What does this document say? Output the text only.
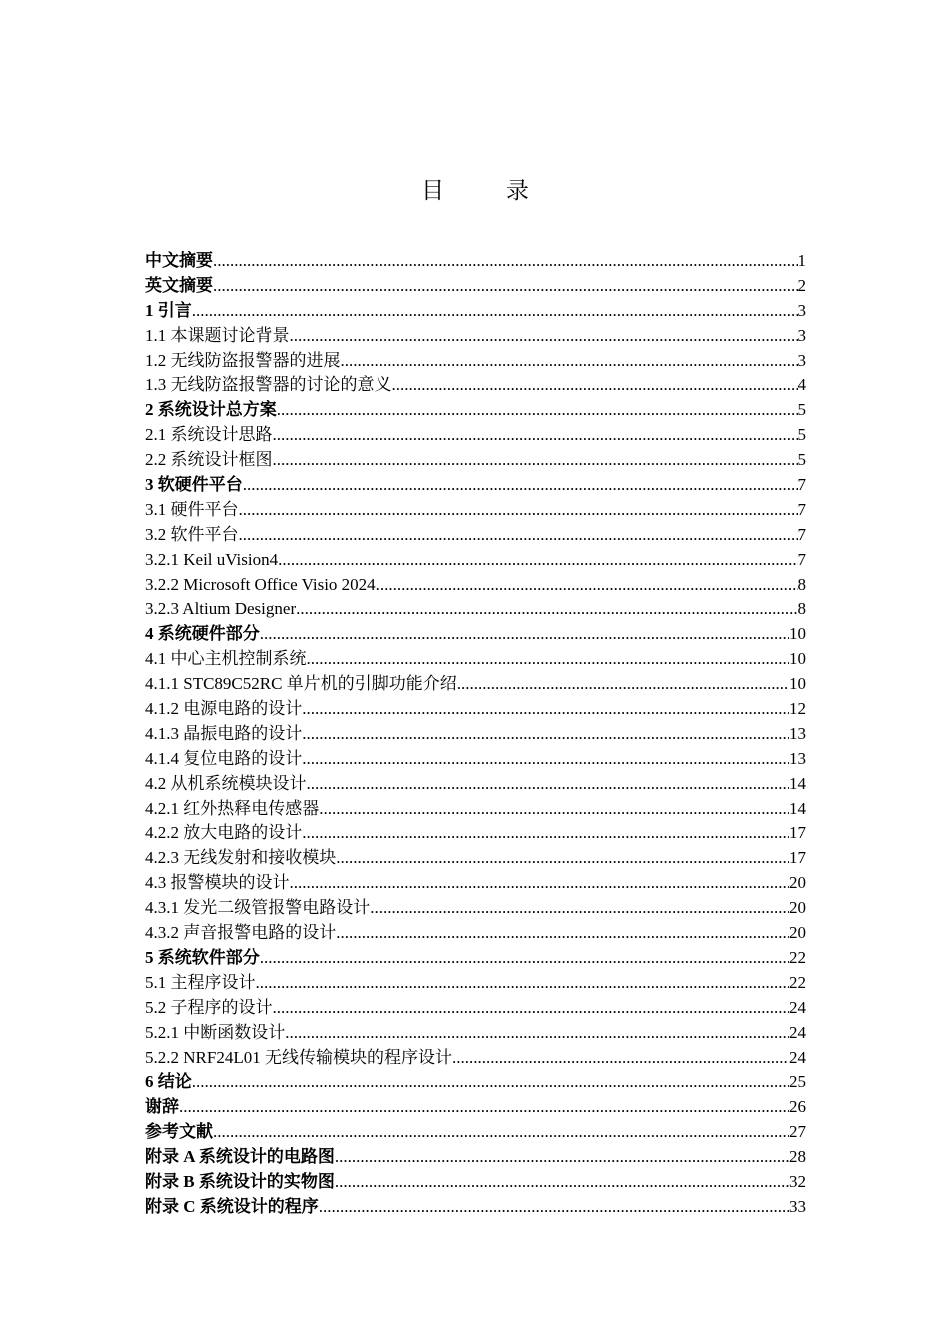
目 录
中文摘要 .....	1
英文摘要 .....	2
1 引言 .....	3
1.1 本课题讨论背景 .....	3
1.2 无线防盗报警器的进展 .....	3
1.3 无线防盗报警器的讨论的意义 .....	4
2 系统设计总方案 .....	5
2.1 系统设计思路 .....	5
2.2 系统设计框图 .....	5
3 软硬件平台 .....	7
3.1 硬件平台 .....	7
3.2 软件平台 .....	7
3.2.1 Keil uVision4 .....	7
3.2.2 Microsoft Office Visio 2024 .....	8
3.2.3 Altium Designer .....	8
4 系统硬件部分 .....	10
4.1 中心主机控制系统 .....	10
4.1.1 STC89C52RC 单片机的引脚功能介绍 .....	10
4.1.2 电源电路的设计 .....	12
4.1.3 晶振电路的设计 .....	13
4.1.4 复位电路的设计 .....	13
4.2 从机系统模块设计 .....	14
4.2.1 红外热释电传感器 .....	14
4.2.2 放大电路的设计 .....	17
4.2.3 无线发射和接收模块 .....	17
4.3 报警模块的设计 .....	20
4.3.1 发光二级管报警电路设计 .....	20
4.3.2 声音报警电路的设计 .....	20
5 系统软件部分 .....	22
5.1 主程序设计 .....	22
5.2 子程序的设计 .....	24
5.2.1 中断函数设计 .....	24
5.2.2 NRF24L01 无线传输模块的程序设计 .....	24
6 结论 .....	25
谢辞 .....	26
参考文献 .....	27
附录 A 系统设计的电路图 .....	28
附录 B 系统设计的实物图 .....	32
附录 C 系统设计的程序 .....	33
